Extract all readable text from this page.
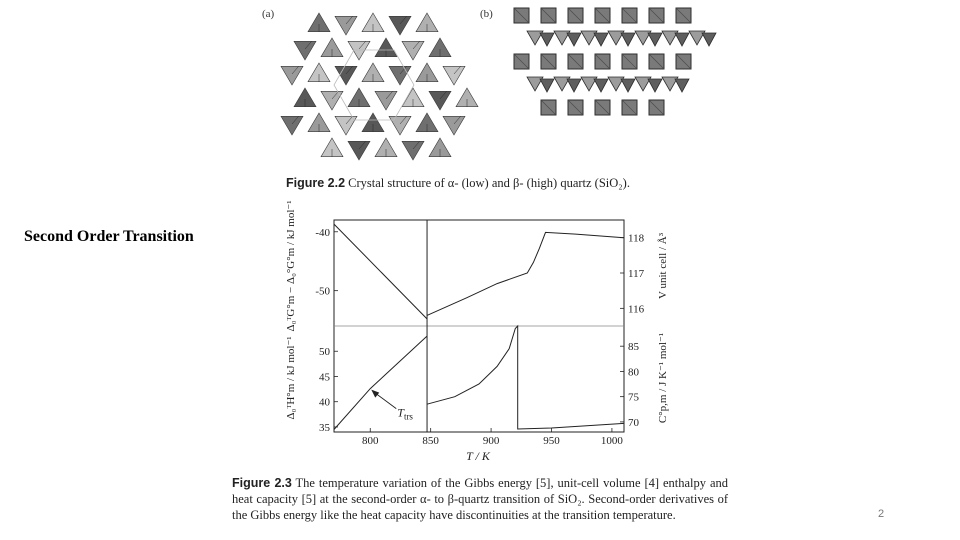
Second Order Transition
2
(a)	(b)
Figure 2.2 Crystal structure of α- (low) and β- (high) quartz (SiO₂).
800	850	900	950	1000
-40
-50
116
117
118
35
40
45
50
70
75
80
85
T / K
Δ₀ᵀG°m − Δ₀°G°m / kJ mol⁻¹
Δ₀ᵀH°m / kJ mol⁻¹
V unit cell / Å³
C°p,m / J K⁻¹ mol⁻¹
$T_{trs}$
Figure 2.3 The temperature variation of the Gibbs energy [5], unit-cell volume [4] enthalpy and heat capacity [5] at the second-order α- to β-quartz transition of SiO₂. Second-order derivatives of the Gibbs energy like the heat capacity have discontinuities at the transition temperature.
